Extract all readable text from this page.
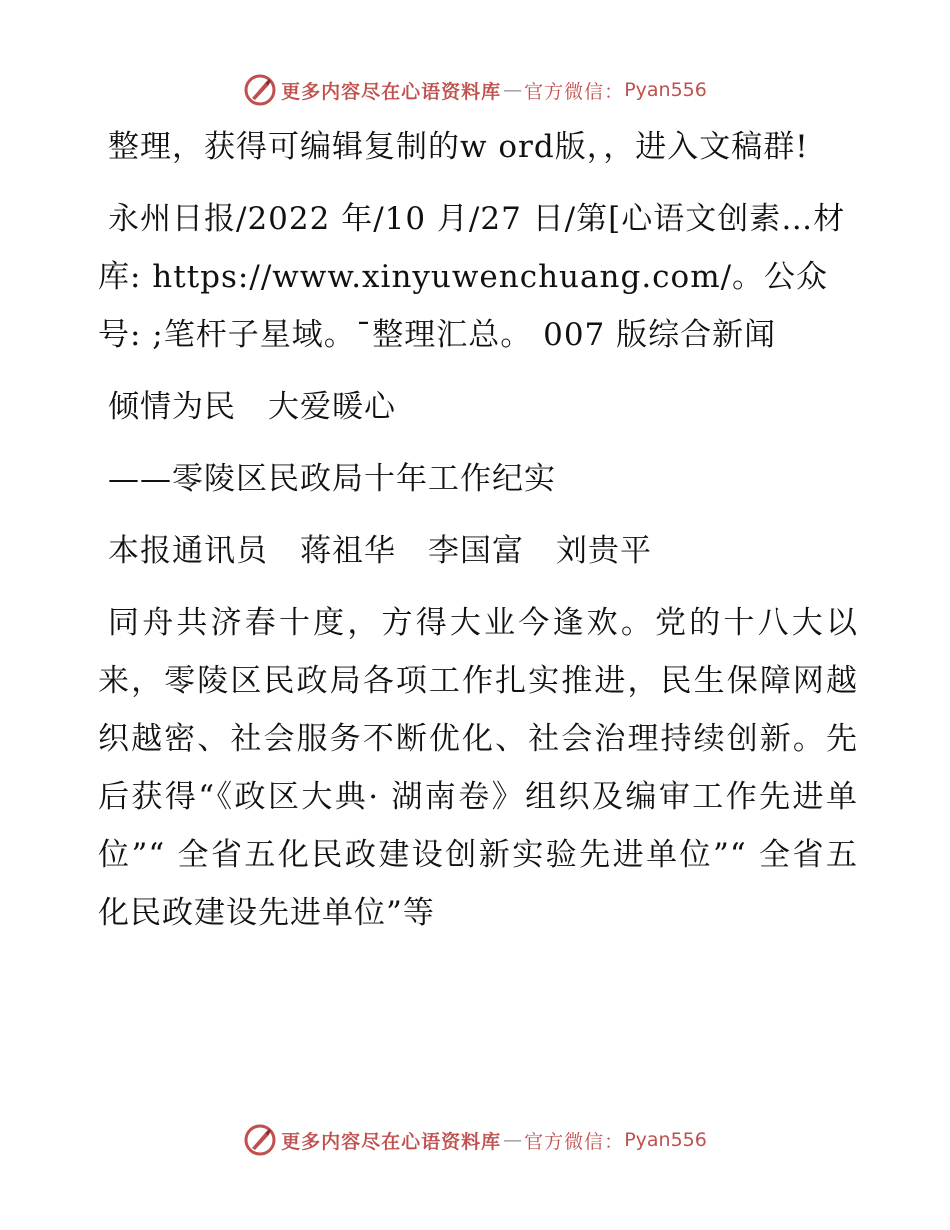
更多内容尽在心语资料库 — 官方微信： Pyan556

整理，获得可编辑复制的w ord版，，进入文稿群!

永州日报/2022 年/10 月/27 日/第[心语文创素…材库: https://www.xinyuwenchuang.com/。公众号: ;笔杆子星域。¯整理汇总。 007 版综合新闻

倾情为民　大爱暖心

——零陵区民政局十年工作纪实

本报通讯员　蒋祖华　李国富　刘贵平

同舟共济春十度，方得大业今逢欢。党的十八大以来，零陵区民政局各项工作扎实推进，民生保障网越织越密、社会服务不断优化、社会治理持续创新。先后获得“《政区大典· 湖南卷》组织及编审工作先进单位”“ 全省五化民政建设创新实验先进单位”“ 全省五化民政建设先进单位”等

更多内容尽在心语资料库 — 官方微信： Pyan556
